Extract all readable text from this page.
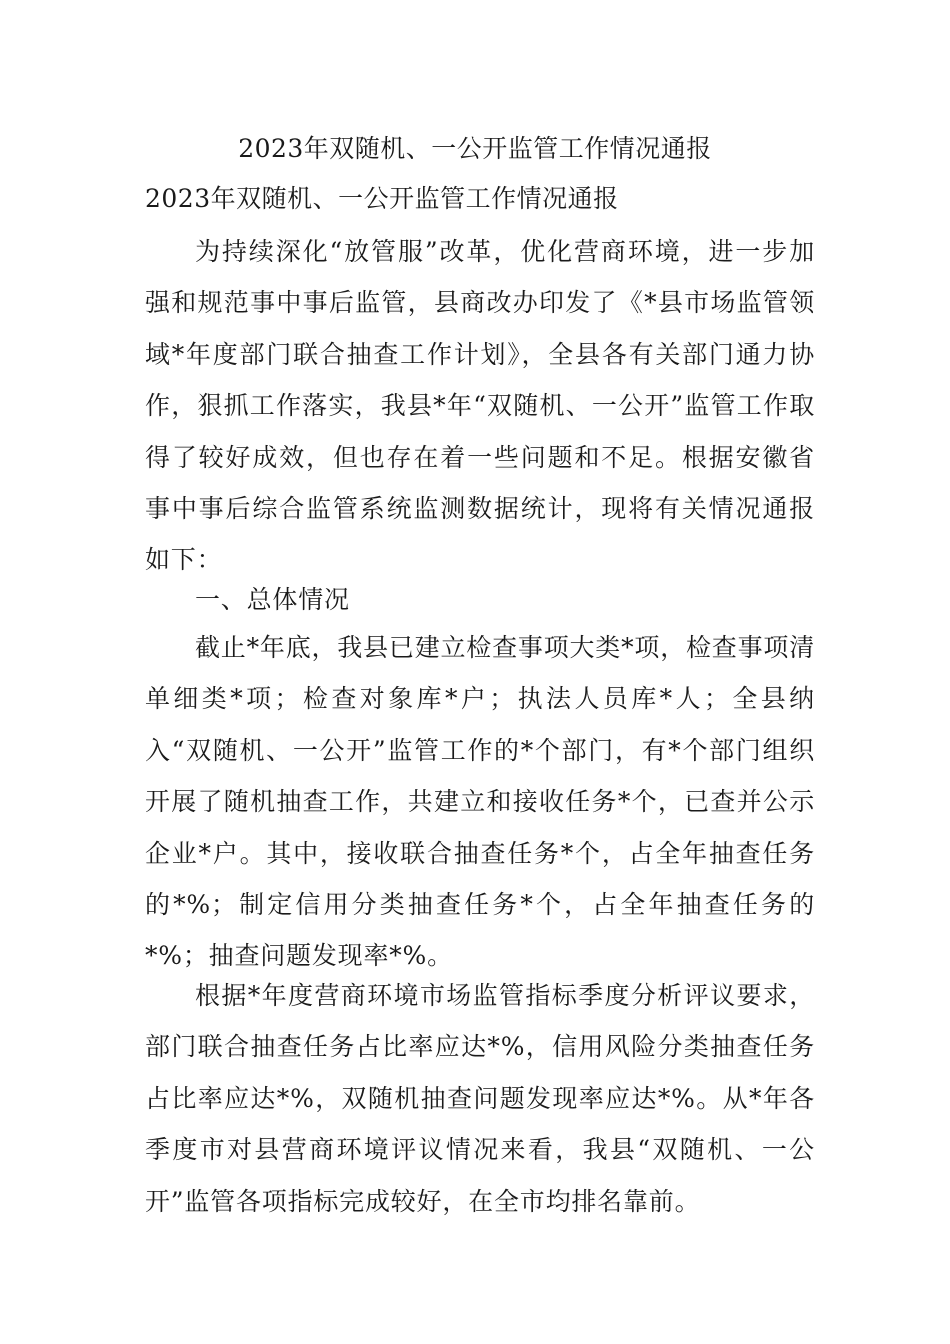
2023年双随机、一公开监管工作情况通报
2023年双随机、一公开监管工作情况通报

为持续深化“放管服”改革，优化营商环境，进一步加强和规范事中事后监管，县商改办印发了《*县市场监管领域*年度部门联合抽查工作计划》，全县各有关部门通力协作，狠抓工作落实，我县*年“双随机、一公开”监管工作取得了较好成效，但也存在着一些问题和不足。根据安徽省事中事后综合监管系统监测数据统计，现将有关情况通报如下：

一、总体情况

截止*年底，我县已建立检查事项大类*项，检查事项清单细类*项；检查对象库*户；执法人员库*人；全县纳入“双随机、一公开”监管工作的*个部门，有*个部门组织开展了随机抽查工作，共建立和接收任务*个，已查并公示企业*户。其中，接收联合抽查任务*个，占全年抽查任务的*%；制定信用分类抽查任务*个，占全年抽查任务的*%；抽查问题发现率*%。

根据*年度营商环境市场监管指标季度分析评议要求，部门联合抽查任务占比率应达*%，信用风险分类抽查任务占比率应达*%，双随机抽查问题发现率应达*%。从*年各季度市对县营商环境评议情况来看，我县“双随机、一公开”监管各项指标完成较好，在全市均排名靠前。
